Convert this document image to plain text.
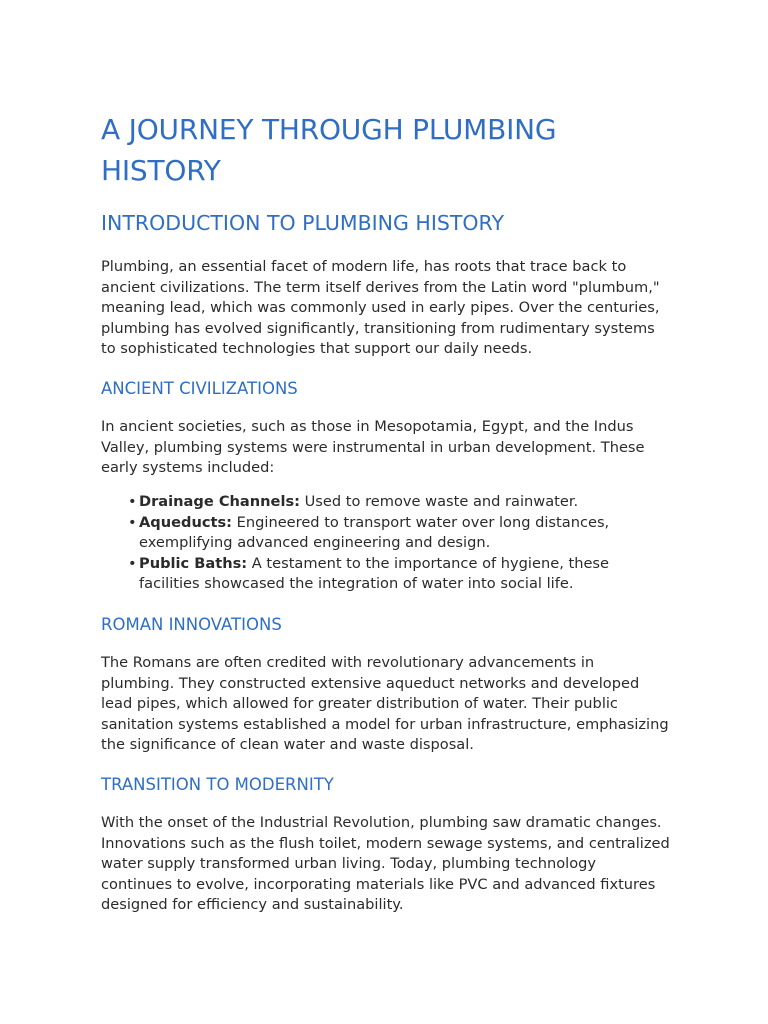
A JOURNEY THROUGH PLUMBING HISTORY
INTRODUCTION TO PLUMBING HISTORY

Plumbing, an essential facet of modern life, has roots that trace back to ancient civilizations. The term itself derives from the Latin word "plumbum," meaning lead, which was commonly used in early pipes. Over the centuries, plumbing has evolved significantly, transitioning from rudimentary systems to sophisticated technologies that support our daily needs.

ANCIENT CIVILIZATIONS

In ancient societies, such as those in Mesopotamia, Egypt, and the Indus Valley, plumbing systems were instrumental in urban development. These early systems included:

• Drainage Channels: Used to remove waste and rainwater.
• Aqueducts: Engineered to transport water over long distances, exemplifying advanced engineering and design.
• Public Baths: A testament to the importance of hygiene, these facilities showcased the integration of water into social life.
ROMAN INNOVATIONS

The Romans are often credited with revolutionary advancements in plumbing. They constructed extensive aqueduct networks and developed lead pipes, which allowed for greater distribution of water. Their public sanitation systems established a model for urban infrastructure, emphasizing the significance of clean water and waste disposal.

TRANSITION TO MODERNITY

With the onset of the Industrial Revolution, plumbing saw dramatic changes. Innovations such as the flush toilet, modern sewage systems, and centralized water supply transformed urban living. Today, plumbing technology continues to evolve, incorporating materials like PVC and advanced fixtures designed for efficiency and sustainability.
